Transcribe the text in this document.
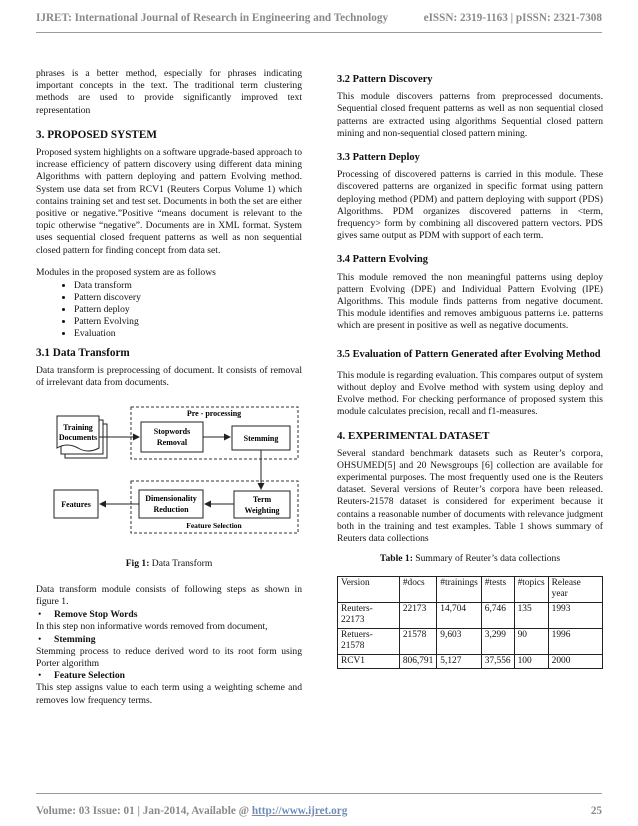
IJRET: International Journal of Research in Engineering and Technology	eISSN: 2319-1163 | pISSN: 2321-7308

phrases is a better method, especially for phrases indicating important concepts in the text. The traditional term clustering methods are used to provide significantly improved text representation

3. PROPOSED SYSTEM

Proposed system highlights on a software upgrade-based approach to increase efficiency of pattern discovery using different data mining Algorithms with pattern deploying and pattern Evolving method. System use data set from RCV1 (Reuters Corpus Volume 1) which contains training set and test set. Documents in both the set are either positive or negative.”Positive “means document is relevant to the topic otherwise “negative”. Documents are in XML format. System uses sequential closed frequent patterns as well as non sequential closed pattern for finding concept from data set.

Modules in the proposed system are as follows

• Data transform
• Pattern discovery
• Pattern deploy
• Pattern Evolving
• Evaluation
3.1 Data Transform

Data transform is preprocessing of document. It consists of removal of irrelevant data from documents.

Pre - processing
Training
Documents
Stopwords
Removal	Stemming
Feature Selection
Features
Dimensionality
Reduction
Term
Weighting
Fig 1: Data Transform

Data transform module consists of following steps as shown in figure 1.

•	Remove Stop Words

In this step non informative words removed from document,

•	Stemming

Stemming process to reduce derived word to its root form using Porter algorithm

•	Feature Selection

This step assigns value to each term using a weighting scheme and removes low frequency terms.

3.2 Pattern Discovery

This module discovers patterns from preprocessed documents. Sequential closed frequent patterns as well as non sequential closed patterns are extracted using algorithms Sequential closed pattern mining and non-sequential closed pattern mining.

3.3 Pattern Deploy

Processing of discovered patterns is carried in this module. These discovered patterns are organized in specific format using pattern deploying method (PDM) and pattern deploying with support (PDS) Algorithms. PDM organizes discovered patterns in <term, frequency> form by combining all discovered pattern vectors. PDS gives same output as PDM with support of each term.

3.4 Pattern Evolving

This module removed the non meaningful patterns using deploy pattern Evolving (DPE) and Individual Pattern Evolving (IPE) Algorithms. This module finds patterns from negative document. This module identifies and removes ambiguous patterns i.e. patterns which are present in positive as well as negative documents.

3.5 Evaluation of Pattern Generated after Evolving Method

This module is regarding evaluation. This compares output of system without deploy and Evolve method with system using deploy and Evolve method. For checking performance of proposed system this module calculates precision, recall and f1-measures.

4. EXPERIMENTAL DATASET

Several standard benchmark datasets such as Reuter’s corpora, OHSUMED[5] and 20 Newsgroups [6] collection are available for experimental purposes. The most frequently used one is the Reuters dataset. Several versions of Reuter’s corpora have been released. Reuters-21578 dataset is considered for experiment because it contains a reasonable number of documents with relevance judgment both in the training and test examples. Table 1 shows summary of Reuters data collections

Table 1: Summary of Reuter’s data collections
Version	#docs	#trainings	#tests	#topics	Release year
Reuters-22173	22173	14,704	6,746	135	1993
Retuers-21578	21578	9,603	3,299	90	1996
RCV1	806,791	5,127	37,556	100	2000
Volume: 03 Issue: 01 | Jan-2014, Available @ http://www.ijret.org	25
